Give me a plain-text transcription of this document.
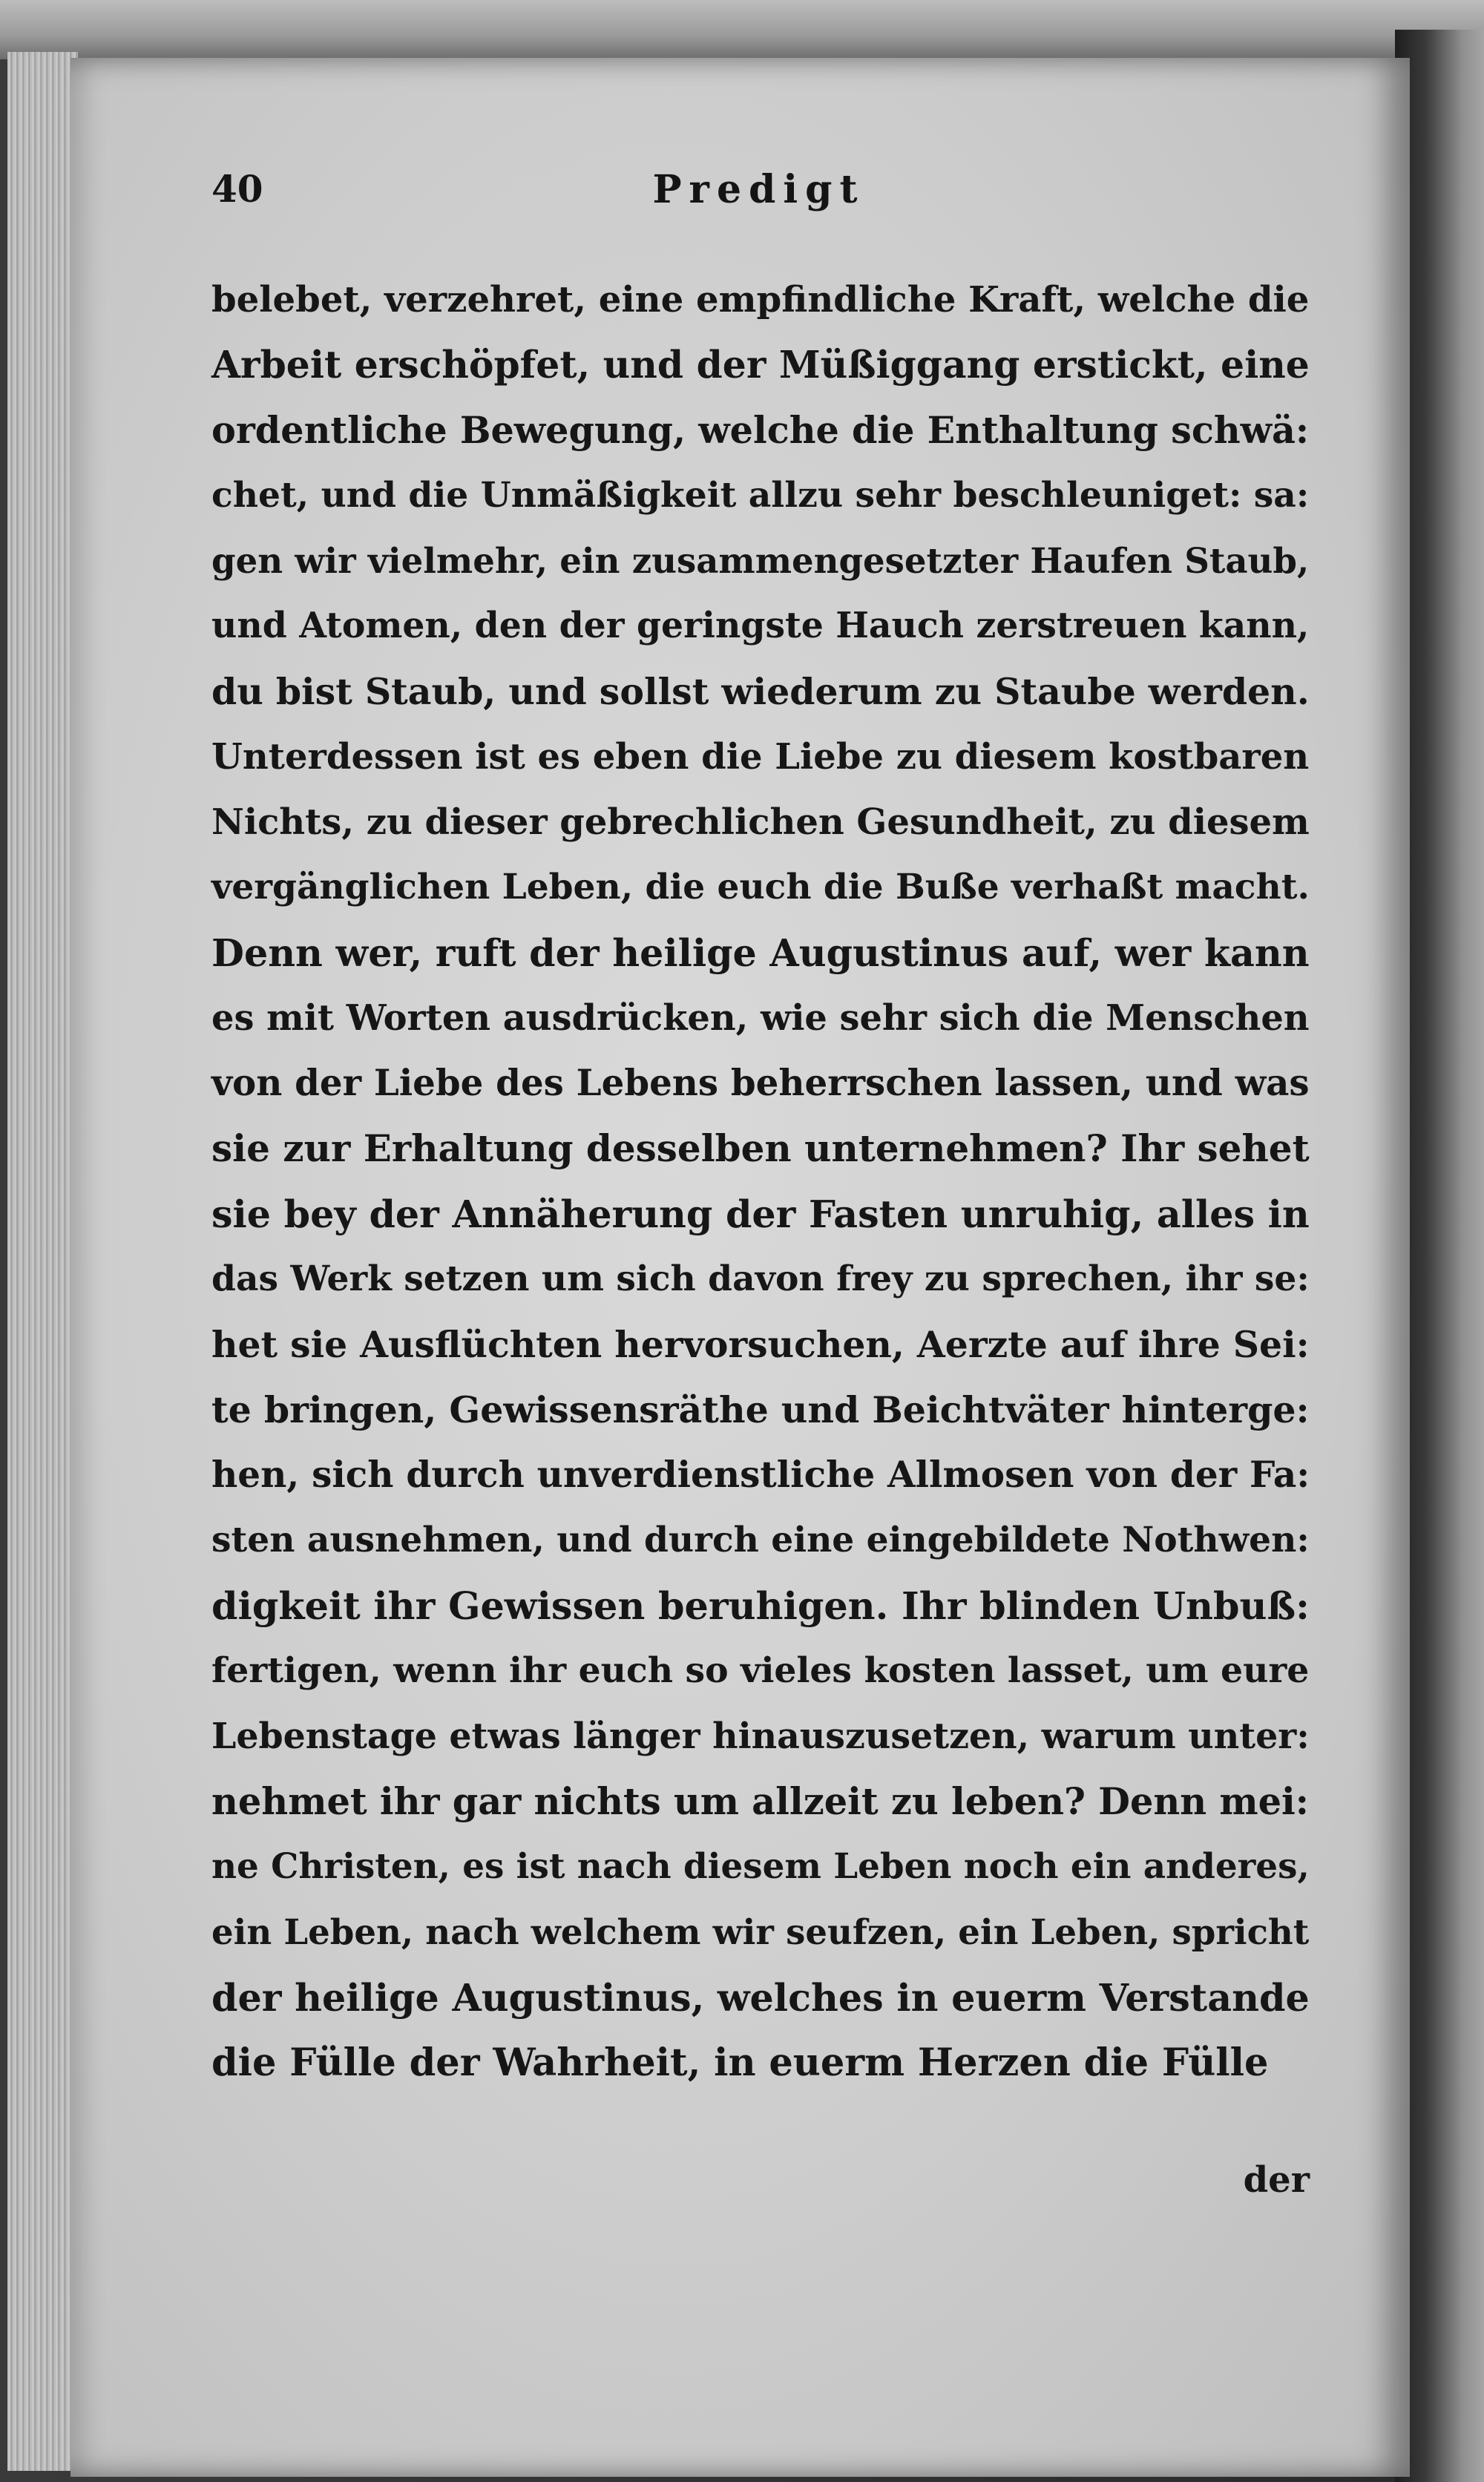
40	Predigt
belebet, verzehret, eine empfindliche Kraft, welche die
Arbeit erschöpfet, und der Müßiggang erstickt, eine
ordentliche Bewegung, welche die Enthaltung schwä:
chet, und die Unmäßigkeit allzu sehr beschleuniget: sa:
gen wir vielmehr, ein zusammengesetzter Haufen Staub,
und Atomen, den der geringste Hauch zerstreuen kann,
du bist Staub, und sollst wiederum zu Staube werden.
Unterdessen ist es eben die Liebe zu diesem kostbaren
Nichts, zu dieser gebrechlichen Gesundheit, zu diesem
vergänglichen Leben, die euch die Buße verhaßt macht.
Denn wer, ruft der heilige Augustinus auf, wer kann
es mit Worten ausdrücken, wie sehr sich die Menschen
von der Liebe des Lebens beherrschen lassen, und was
sie zur Erhaltung desselben unternehmen? Ihr sehet
sie bey der Annäherung der Fasten unruhig, alles in
das Werk setzen um sich davon frey zu sprechen, ihr se:
het sie Ausflüchten hervorsuchen, Aerzte auf ihre Sei:
te bringen, Gewissensräthe und Beichtväter hinterge:
hen, sich durch unverdienstliche Allmosen von der Fa:
sten ausnehmen, und durch eine eingebildete Nothwen:
digkeit ihr Gewissen beruhigen. Ihr blinden Unbuß:
fertigen, wenn ihr euch so vieles kosten lasset, um eure
Lebenstage etwas länger hinauszusetzen, warum unter:
nehmet ihr gar nichts um allzeit zu leben? Denn mei:
ne Christen, es ist nach diesem Leben noch ein anderes,
ein Leben, nach welchem wir seufzen, ein Leben, spricht
der heilige Augustinus, welches in euerm Verstande
die Fülle der Wahrheit, in euerm Herzen die Fülle
der
